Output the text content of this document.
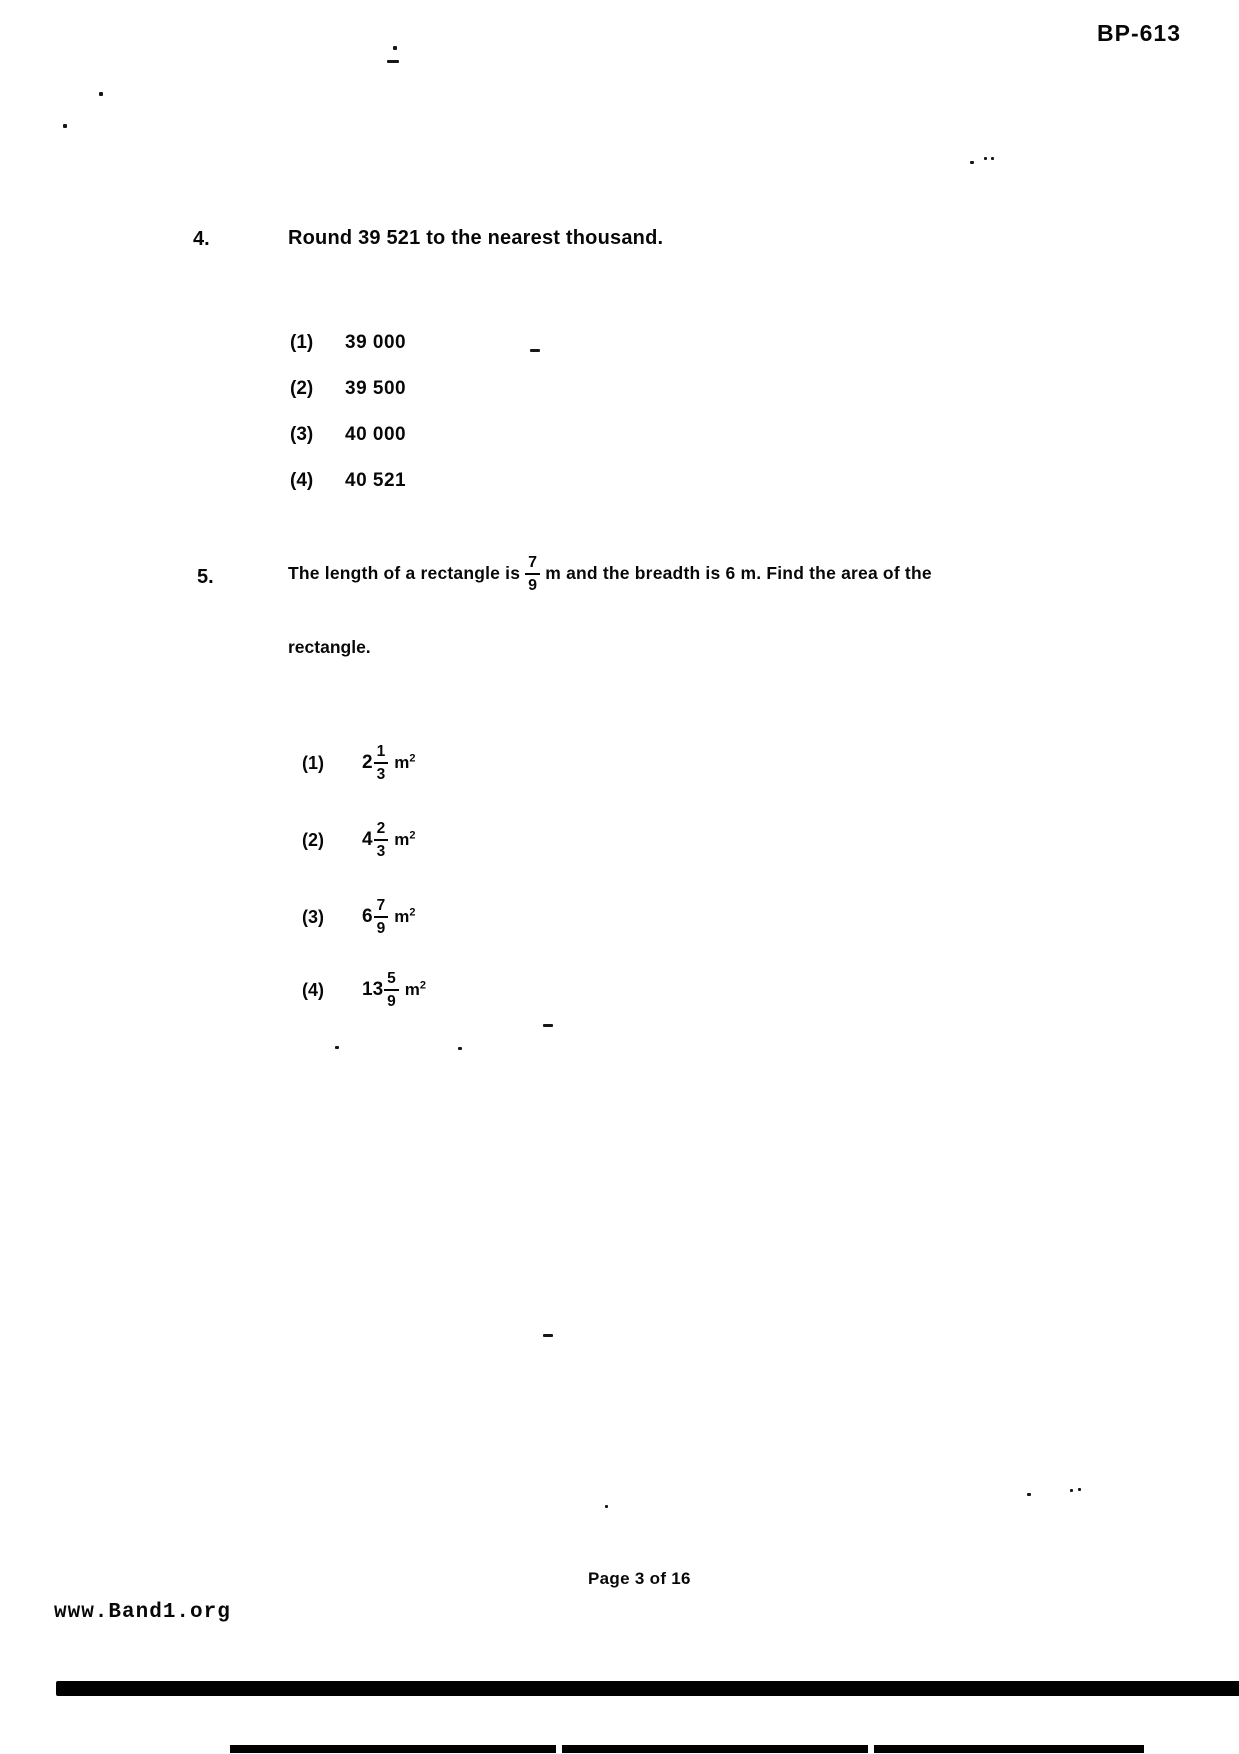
BP-613
4.	Round 39 521 to the nearest thousand.
(1)	39 000
(2)	39 500
(3)	40 000
(4)	40 521
5.	The length of a rectangle is $\frac{7}{9}$ m and the breadth is 6 m. Find the area of the
rectangle.
(1)	$2 \frac{1}{3} m^2$
(2)	$4 \frac{2}{3} m^2$
(3)	$6 \frac{7}{9} m^2$
(4)	$13 \frac{5}{9} m^2$
Page 3 of 16
www.Band1.org
